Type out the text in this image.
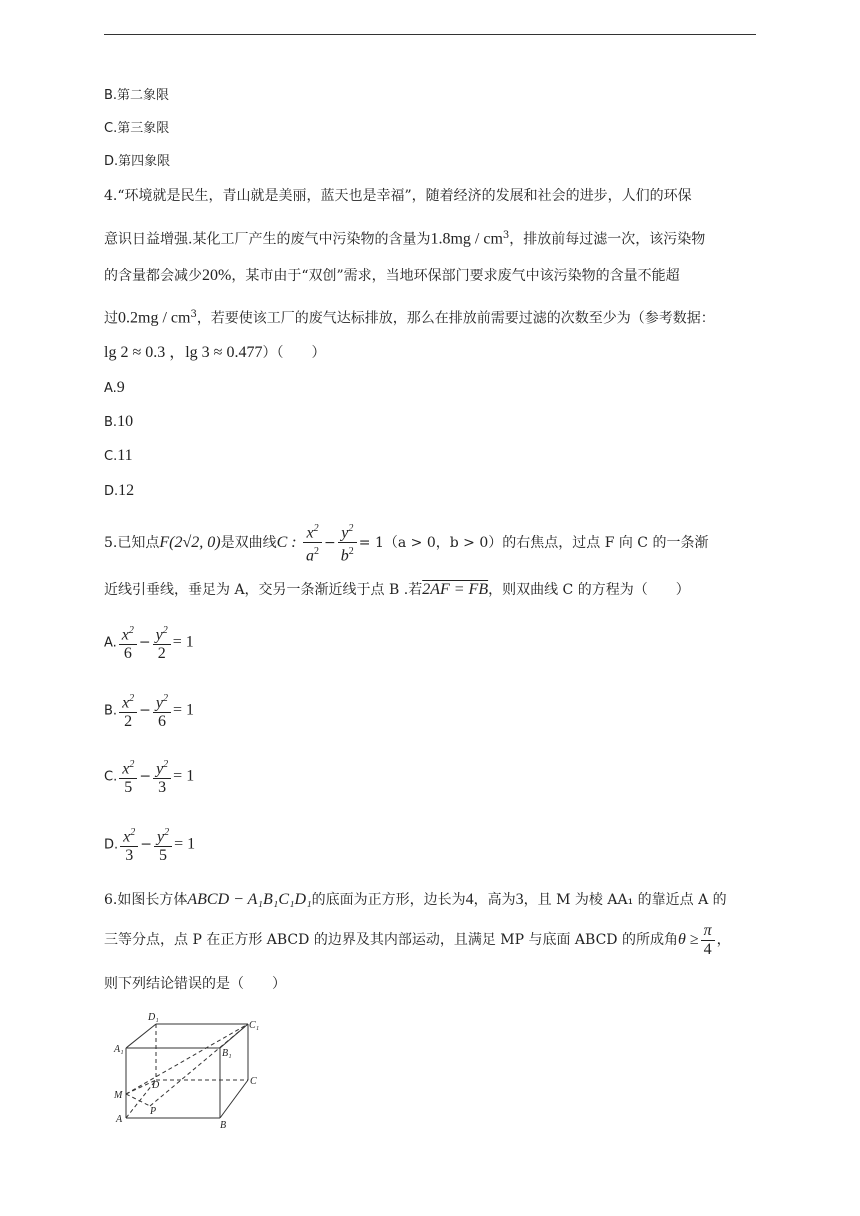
B.第二象限
C.第三象限
D.第四象限
4.“环境就是民生，青山就是美丽，蓝天也是幸福”，随着经济的发展和社会的进步，人们的环保
意识日益增强.某化工厂产生的废气中污染物的含量为$1.8mg / cm^3$，排放前每过滤一次，该污染物
的含量都会减少20%，某市由于“双创”需求，当地环保部门要求废气中该污染物的含量不能超
过$0.2mg / cm^3$，若要使该工厂的废气达标排放，那么在排放前需要过滤的次数至少为（参考数据：
lg 2 ≈ 0.3 ，lg 3 ≈ 0.477）（　　）
A.9
B.10
C.11
D.12
5.已知点F(2√2, 0)是双曲线C : $\frac{x^2}{a^2} - \frac{y^2}{b^2} = 1(a > 0$，b > 0）的右焦点，过点 F 向 C 的一条渐
近线引垂线，垂足为 A，交另一条渐近线于点 B .若2AF = FB，则双曲线 C 的方程为（　　）
A. $\frac{x^2}{6} - \frac{y^2}{2} = 1$
B. $\frac{x^2}{2} - \frac{y^2}{6} = 1$
C. $\frac{x^2}{5} - \frac{y^2}{3} = 1$
D. $\frac{x^2}{3} - \frac{y^2}{5} = 1$
6.如图长方体ABCD − A₁B₁C₁D₁的底面为正方形，边长为4，高为3，且 M 为棱 AA₁ 的靠近点 A 的
三等分点，点 P 在正方形 ABCD 的边界及其内部运动，且满足 MP 与底面 ABCD 的所成角$\theta \ge \frac{\pi}{4}$ ，
则下列结论错误的是（　　）
D₁
C₁
A₁	B₁
D	C
M
A
P
B
